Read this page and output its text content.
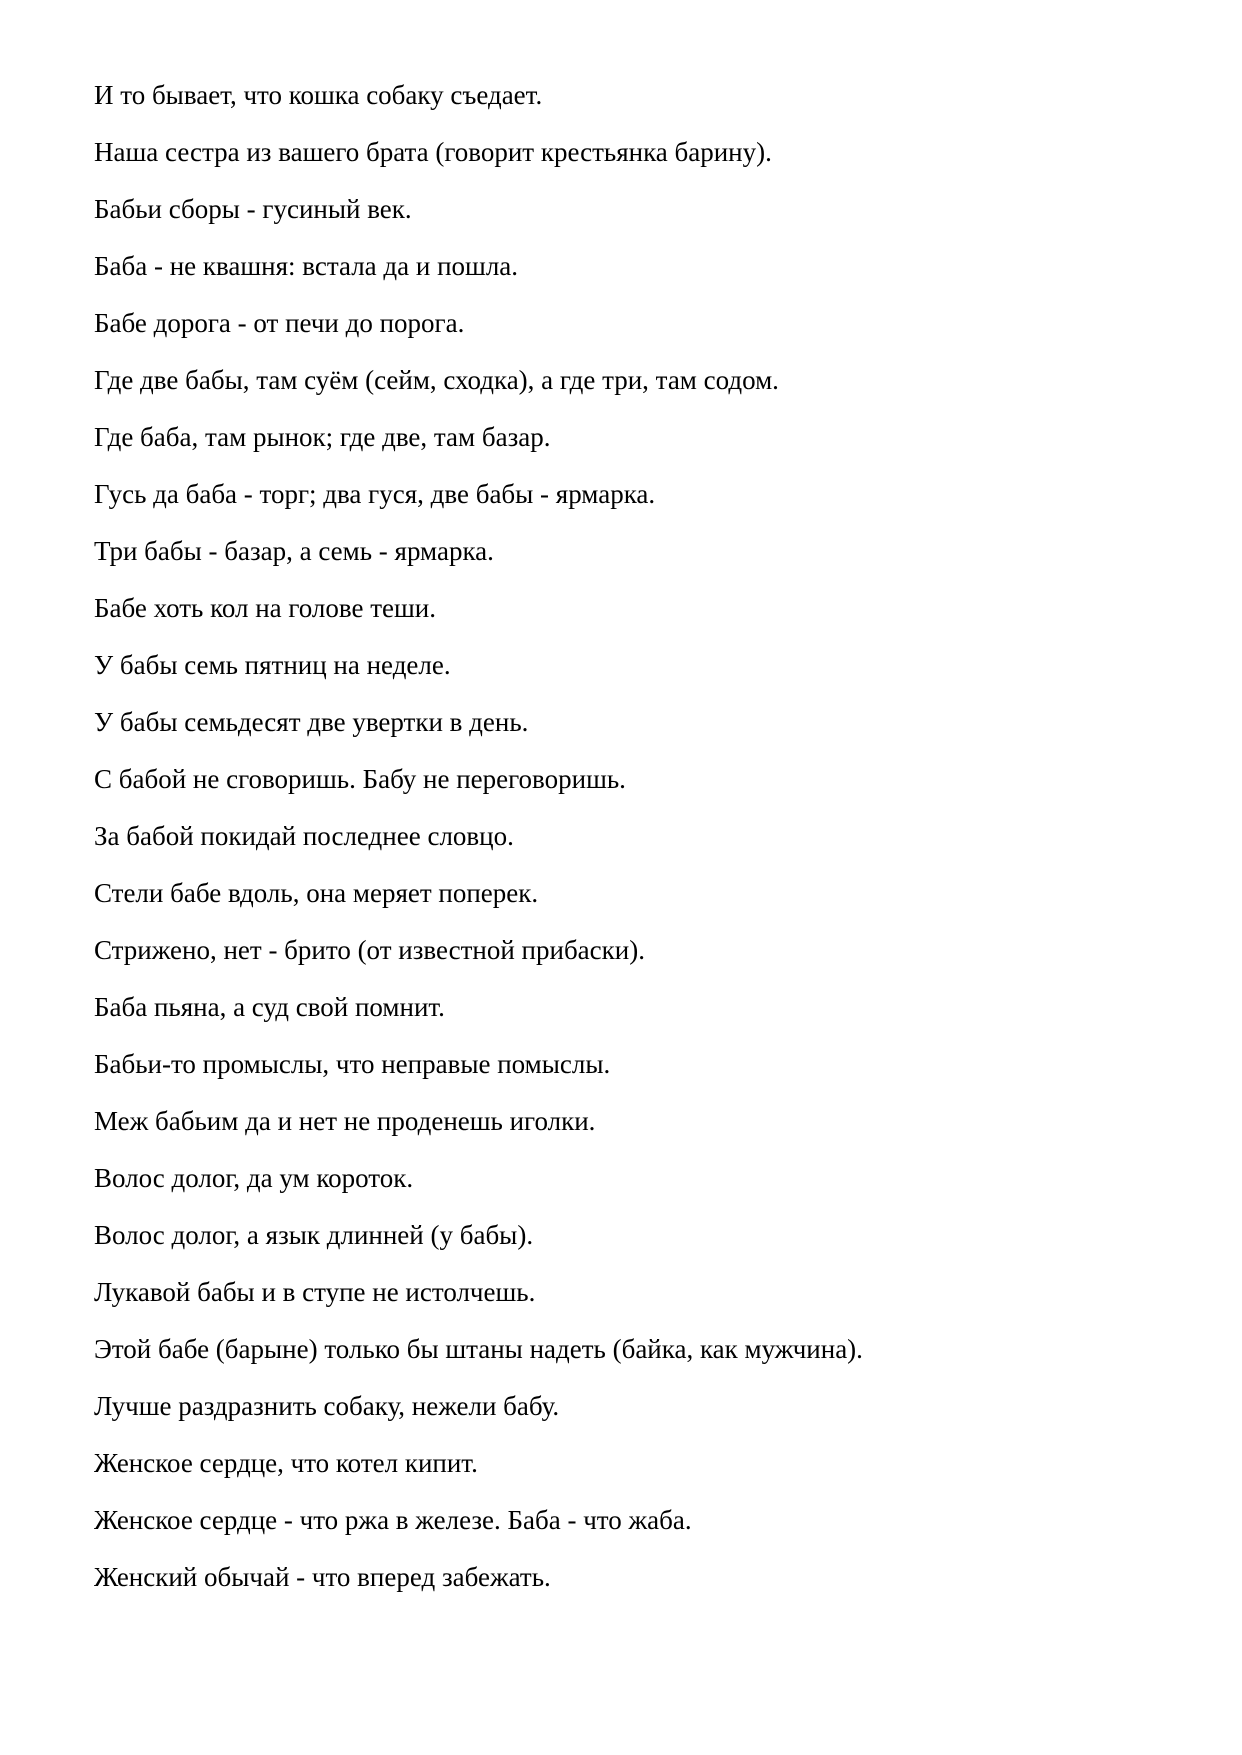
И то бывает, что кошка собаку съедает.
Наша сестра из вашего брата (говорит крестьянка барину).
Бабьи сборы - гусиный век.
Баба - не квашня: встала да и пошла.
Бабе дорога - от печи до порога.
Где две бабы, там суём (сейм, сходка), а где три, там содом.
Где баба, там рынок; где две, там базар.
Гусь да баба - торг; два гуся, две бабы - ярмарка.
Три бабы - базар, а семь - ярмарка.
Бабе хоть кол на голове теши.
У бабы семь пятниц на неделе.
У бабы семьдесят две увертки в день.
С бабой не сговоришь. Бабу не переговоришь.
За бабой покидай последнее словцо.
Стели бабе вдоль, она меряет поперек.
Стрижено, нет - брито (от известной прибаски).
Баба пьяна, а суд свой помнит.
Бабьи-то промыслы, что неправые помыслы.
Меж бабьим да и нет не проденешь иголки.
Волос долог, да ум короток.
Волос долог, а язык длинней (у бабы).
Лукавой бабы и в ступе не истолчешь.
Этой бабе (барыне) только бы штаны надеть (байка, как мужчина).
Лучше раздразнить собаку, нежели бабу.
Женское сердце, что котел кипит.
Женское сердце - что ржа в железе. Баба - что жаба.
Женский обычай - что вперед забежать.
